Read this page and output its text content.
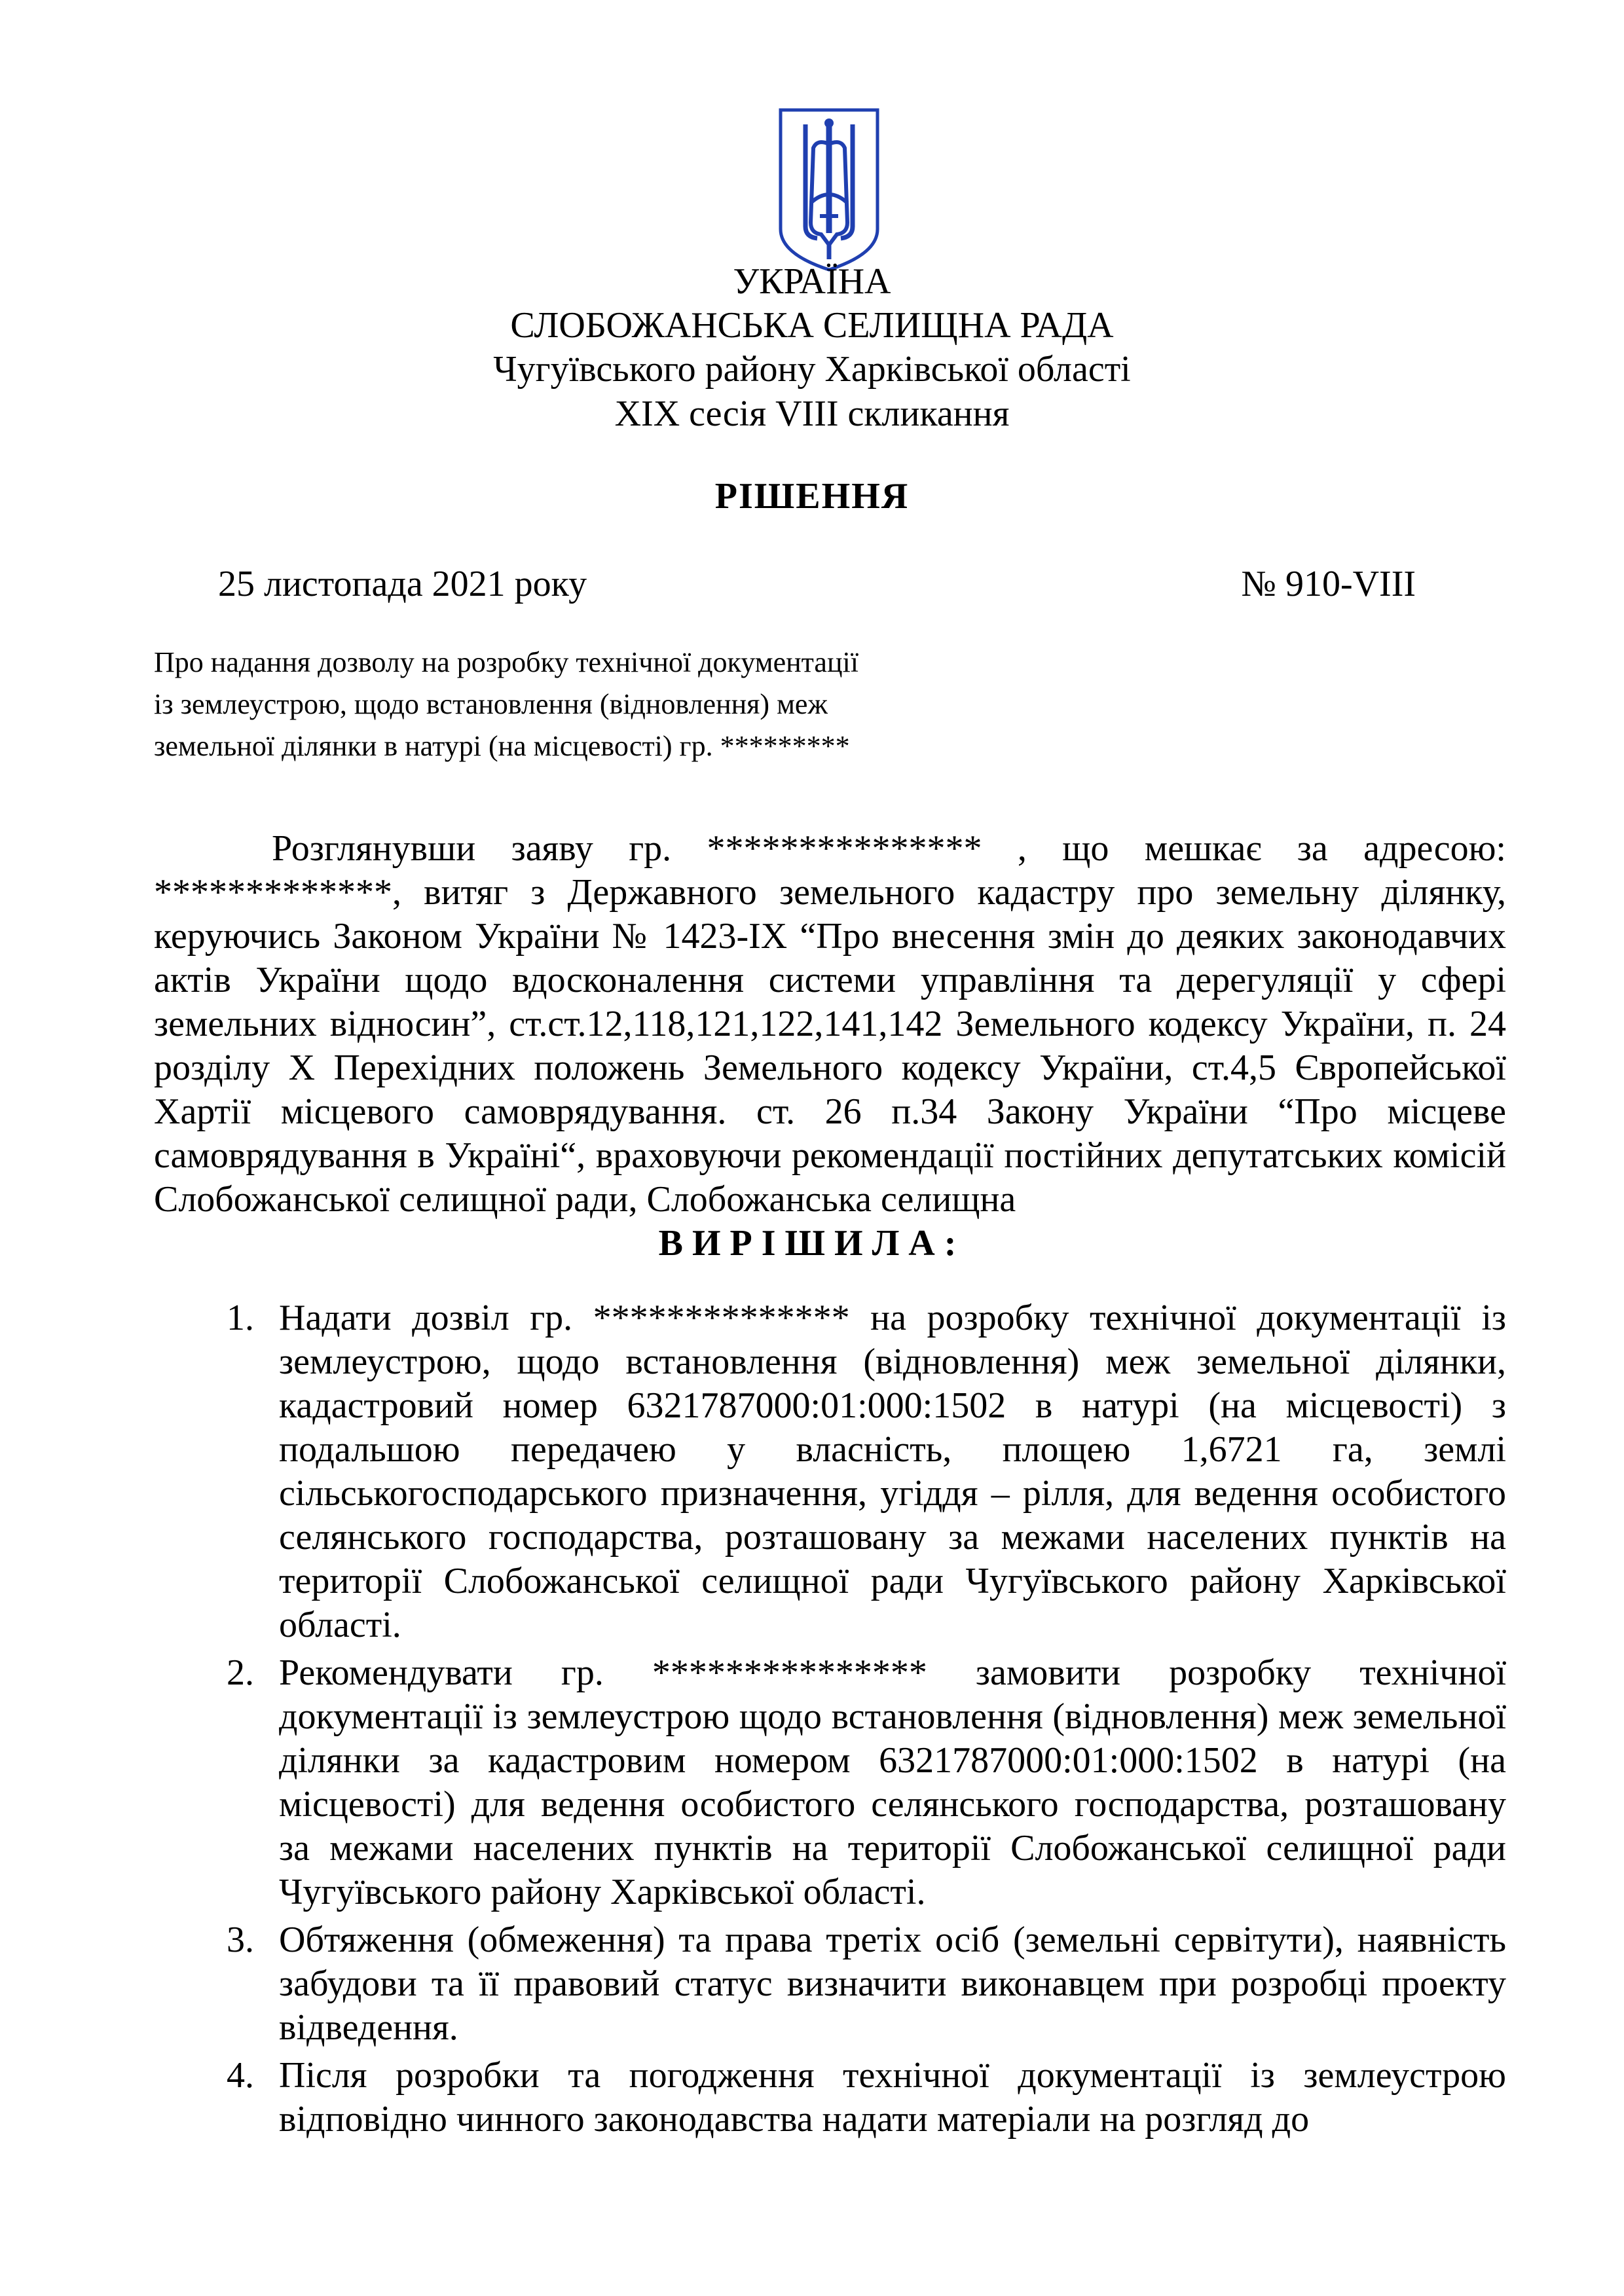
УКРАЇНА
СЛОБОЖАНСЬКА СЕЛИЩНА РАДА
Чугуївського району Харківської області
XIX сесія VIII скликання
РІШЕННЯ
25 листопада 2021 року	№ 910-VIII
Про надання дозволу на розробку технічної документації із землеустрою, щодо встановлення (відновлення) меж земельної ділянки в натурі (на місцевості) гр. *********
Розглянувши заяву гр. *************** , що мешкає за адресою: *************, витяг з Державного земельного кадастру про земельну ділянку, керуючись Законом України № 1423-IX “Про внесення змін до деяких законодавчих актів України щодо вдосконалення системи управління та дерегуляції у сфері земельних відносин”, ст.ст.12,118,121,122,141,142 Земельного кодексу України, п. 24 розділу X Перехідних положень Земельного кодексу України, ст.4,5 Європейської Хартії місцевого самоврядування. ст. 26 п.34 Закону України “Про місцеве самоврядування в Україні“, враховуючи рекомендації постійних депутатських комісій Слобожанської селищної ради, Слобожанська селищна
ВИРІШИЛА:
1. Надати дозвіл гр. ************** на розробку технічної документації із землеустрою, щодо встановлення (відновлення) меж земельної ділянки, кадастровий номер 6321787000:01:000:1502 в натурі (на місцевості) з подальшою передачею у власність, площею 1,6721 га, землі сільськогосподарського призначення, угіддя – рілля, для ведення особистого селянського господарства, розташовану за межами населених пунктів на території Слобожанської селищної ради Чугуївського району Харківської області.
2. Рекомендувати гр. *************** замовити розробку технічної документації із землеустрою щодо встановлення (відновлення) меж земельної ділянки за кадастровим номером 6321787000:01:000:1502 в натурі (на місцевості) для ведення особистого селянського господарства, розташовану за межами населених пунктів на території Слобожанської селищної ради Чугуївського району Харківської області.
3. Обтяження (обмеження) та права третіх осіб (земельні сервітути), наявність забудови та її правовий статус визначити виконавцем при розробці проекту відведення.
4. Після розробки та погодження технічної документації із землеустрою відповідно чинного законодавства надати матеріали на розгляд до
